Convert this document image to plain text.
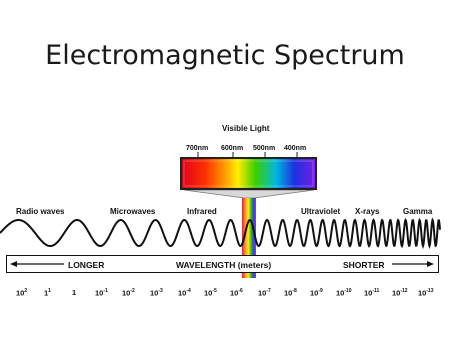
Electromagnetic Spectrum
Visible Light
700nm 600nm 500nm 400nm
Radio waves	Microwaves	Infrared	Ultraviolet X-rays	Gamma
LONGER	WAVELENGTH (meters)	SHORTER
$10^2$ $1^1$	1	$10^{-1}$ $10^{-2}$ $10^{-3}$ $10^{-4}$ $10^{-5}$ $10^{-6}$ $10^{-7}$ $10^{-8}$ $10^{-9}$ $10^{-10}$ $10^{-11}$ $10^{-12}$ $10^{-13}$
